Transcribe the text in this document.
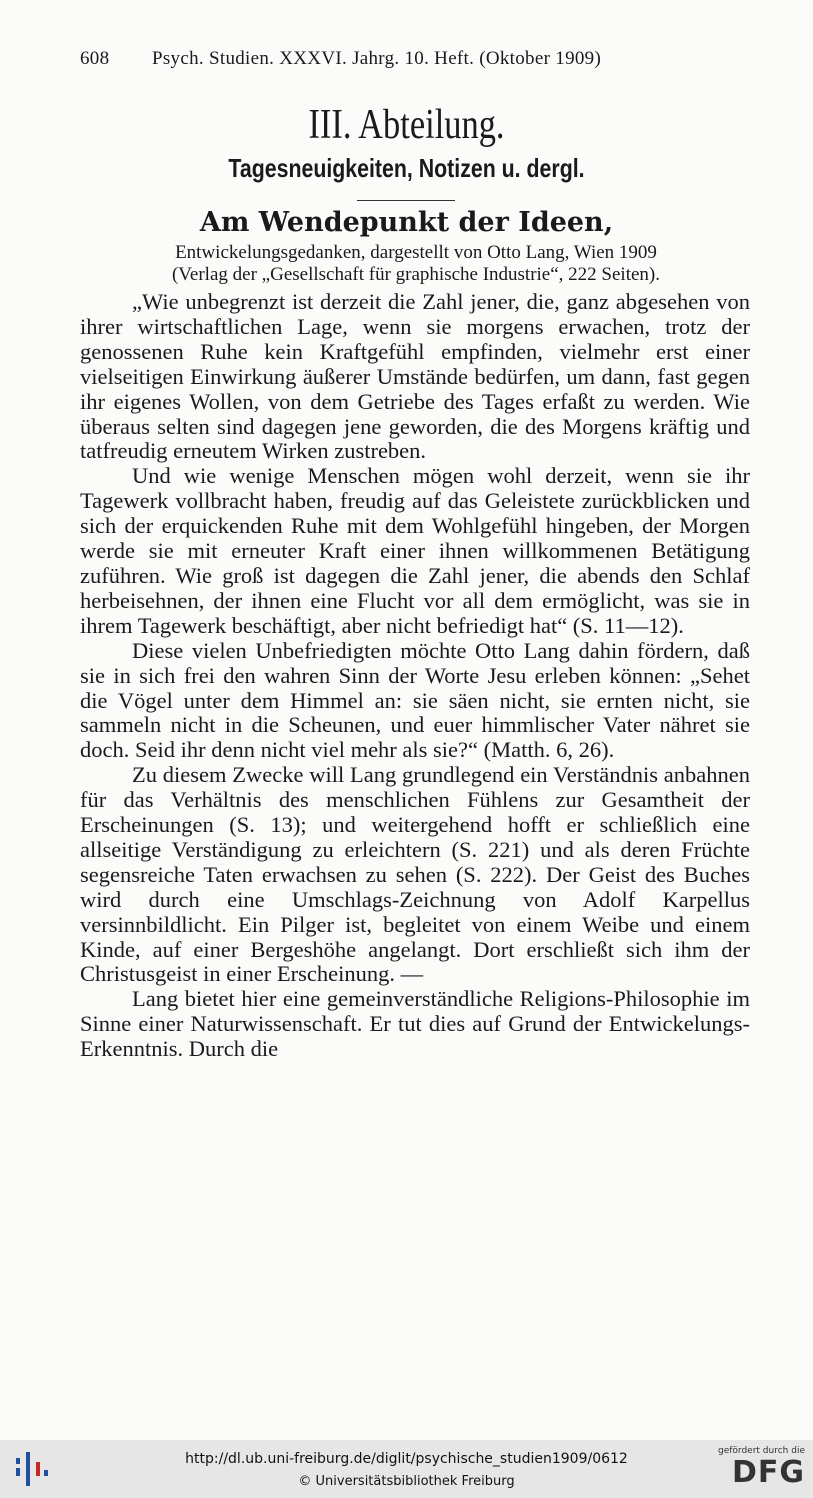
608 Psych. Studien. XXXVI. Jahrg. 10. Heft. (Oktober 1909)
III. Abteilung.
Tagesneuigkeiten, Notizen u. dergl.
Am Wendepunkt der Ideen,
Entwickelungsgedanken, dargestellt von Otto Lang, Wien 1909
(Verlag der „Gesellschaft für graphische Industrie“, 222 Seiten).

„Wie unbegrenzt ist derzeit die Zahl jener, die, ganz abgesehen von ihrer wirtschaftlichen Lage, wenn sie morgens erwachen, trotz der genossenen Ruhe kein Kraftgefühl empfinden, vielmehr erst einer vielseitigen Einwirkung äußerer Umstände bedürfen, um dann, fast gegen ihr eigenes Wollen, von dem Getriebe des Tages erfaßt zu werden. Wie überaus selten sind dagegen jene geworden, die des Morgens kräftig und tatfreudig erneutem Wirken zustreben.

Und wie wenige Menschen mögen wohl derzeit, wenn sie ihr Tagewerk vollbracht haben, freudig auf das Geleistete zurückblicken und sich der erquickenden Ruhe mit dem Wohlgefühl hingeben, der Morgen werde sie mit erneuter Kraft einer ihnen willkommenen Betätigung zuführen. Wie groß ist dagegen die Zahl jener, die abends den Schlaf herbeisehnen, der ihnen eine Flucht vor all dem ermöglicht, was sie in ihrem Tagewerk beschäftigt, aber nicht befriedigt hat“ (S. 11—12).

Diese vielen Unbefriedigten möchte Otto Lang dahin fördern, daß sie in sich frei den wahren Sinn der Worte Jesu erleben können: „Sehet die Vögel unter dem Himmel an: sie säen nicht, sie ernten nicht, sie sammeln nicht in die Scheunen, und euer himmlischer Vater nähret sie doch. Seid ihr denn nicht viel mehr als sie?“ (Matth. 6, 26).

Zu diesem Zwecke will Lang grundlegend ein Verständnis anbahnen für das Verhältnis des menschlichen Fühlens zur Gesamtheit der Erscheinungen (S. 13); und weitergehend hofft er schließlich eine allseitige Verständigung zu erleichtern (S. 221) und als deren Früchte segensreiche Taten erwachsen zu sehen (S. 222). Der Geist des Buches wird durch eine Umschlags-Zeichnung von Adolf Karpellus versinnbildlicht. Ein Pilger ist, begleitet von einem Weibe und einem Kinde, auf einer Bergeshöhe angelangt. Dort erschließt sich ihm der Christusgeist in einer Erscheinung. —

Lang bietet hier eine gemeinverständliche Religions-Philosophie im Sinne einer Naturwissenschaft. Er tut dies auf Grund der Entwickelungs-Erkenntnis. Durch die

http://dl.ub.uni-freiburg.de/diglit/psychische_studien1909/0612
© Universitätsbibliothek Freiburg
gefördert durch die
DFG
